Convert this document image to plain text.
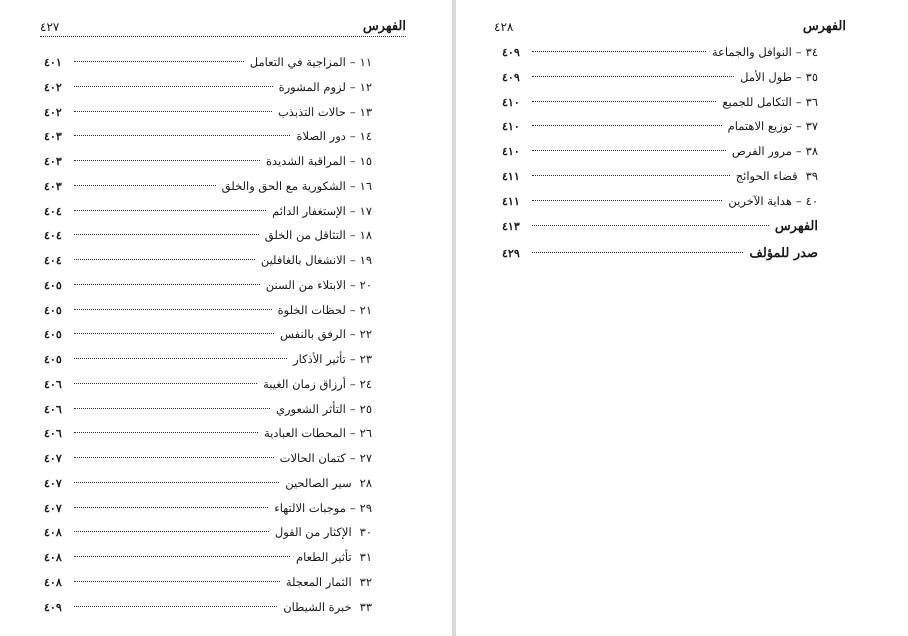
الفهرس
٤٢٧
١١
–
المزاجية في التعامل
٤٠١
١٢
–
لزوم المشورة
٤٠٢
١٣
–
حالات التذبذب
٤٠٢
١٤
–
دور الصلاة
٤٠٣
١٥
–
المراقبة الشديدة
٤٠٣
١٦
–
الشكورية مع الحق والخلق
٤٠٣
١٧
–
الإستغفار الدائم
٤٠٤
١٨
–
التثاقل من الخلق
٤٠٤
١٩
–
الانشغال بالغافلين
٤٠٤
٢٠
–
الابتلاء من السنن
٤٠٥
٢١
–
لحظات الخلوة
٤٠٥
٢٢
–
الرفق بالنفس
٤٠٥
٢٣
–
تأثير الأذكار
٤٠٥
٢٤
–
أرزاق زمان الغيبة
٤٠٦
٢٥
–
التأثر الشعوري
٤٠٦
٢٦
–
المحطات العبادية
٤٠٦
٢٧
–
كتمان الحالات
٤٠٧
٢٨
سير الصالحين
٤٠٧
٢٩
–
موجبات الالتهاء
٤٠٧
٣٠
الإكثار من القول
٤٠٨
٣١
تأثير الطعام
٤٠٨
٣٢
الثمار المعجلة
٤٠٨
٣٣
خبرة الشيطان
٤٠٩
الفهرس
٤٢٨
٣٤
–
النوافل والجماعة
٤٠٩
٣٥
–
طول الأمل
٤٠٩
٣٦
–
التكامل للجميع
٤١٠
٣٧
–
توزيع الاهتمام
٤١٠
٣٨
–
مرور الفرص
٤١٠
٣٩
قضاء الحوائج
٤١١
٤٠
–
هداية الآخرين
٤١١
الفهرس
٤١٣
صدر للمؤلف
٤٢٩
